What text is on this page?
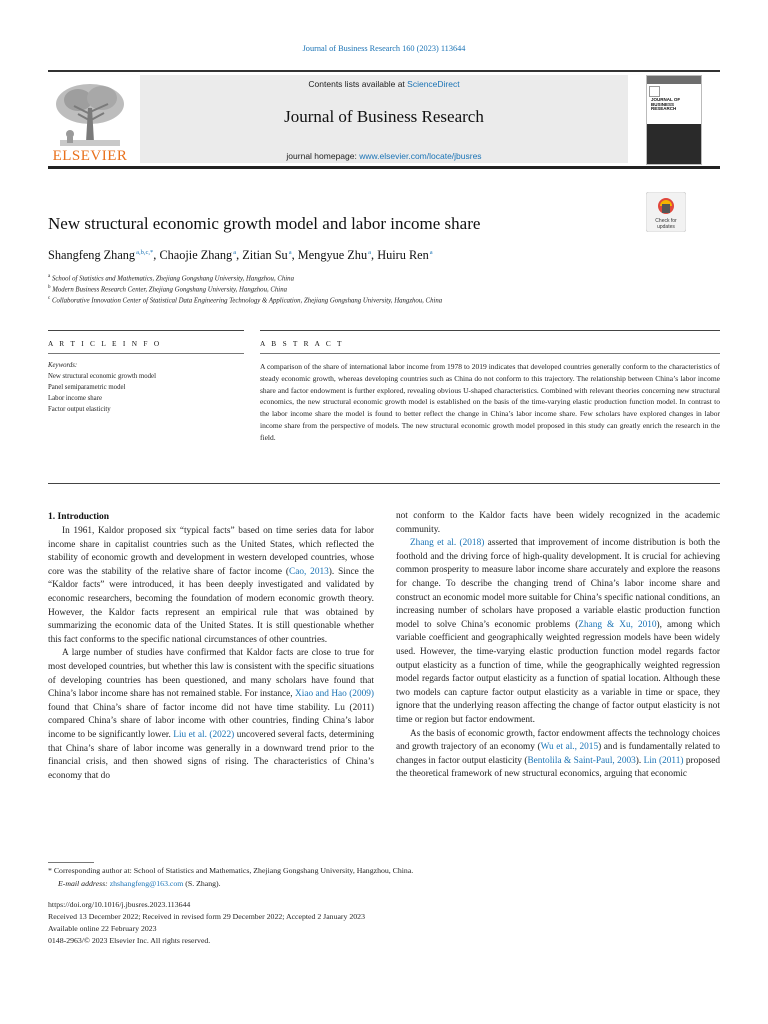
Journal of Business Research 160 (2023) 113644
ELSEVIER
Contents lists available at ScienceDirect
Journal of Business Research
journal homepage: www.elsevier.com/locate/jbusres
JOURNAL OF BUSINESS RESEARCH
New structural economic growth model and labor income share	Check for
updates
Shangfeng Zhang $^{a,b,c,*}$, Chaojie Zhang $^a$, Zitian Su $^a$, Mengyue Zhu $^a$, Huiru Ren $^a$
$^a$ School of Statistics and Mathematics, Zhejiang Gongshang University, Hangzhou, China
$^b$ Modern Business Research Center, Zhejiang Gongshang University, Hangzhou, China
$^c$ Collaborative Innovation Center of Statistical Data Engineering Technology & Application, Zhejiang Gongshang University, Hangzhou, China
A R T I C L E I N F O	A B S T R A C T
Keywords:
New structural economic growth model
Panel semiparametric model
Labor income share
Factor output elasticity
A comparison of the share of international labor income from 1978 to 2019 indicates that developed countries generally conform to the characteristics of steady economic growth, whereas developing countries such as China do not conform to this trajectory. The relationship between China’s labor income share and factor endowment is further explored, revealing obvious U-shaped characteristics. Combined with relevant theories concerning new structural economics, the new structural economic growth model is established on the basis of the time-varying elastic production function model. In contrast to the labor income share the model is found to better reflect the change in China’s labor income share. Few scholars have explored changes in labor income share from the perspective of models. The new structural economic growth model proposed in this study can greatly enrich the research in the field.
1. Introduction

In 1961, Kaldor proposed six “typical facts” based on time series data for labor income share in capitalist countries such as the United States, which reflected the stability of economic growth and development in western developed countries, whose core was the stability of the relative share of factor income (Cao, 2013). Since the “Kaldor facts” were introduced, it has been deeply investigated and validated by economic researchers, becoming the foundation of modern economic growth theory. However, the Kaldor facts represent an empirical rule that was obtained by summarizing the economic data of the United States. It is still questionable whether this fact conforms to the specific national circumstances of other countries.

A large number of studies have confirmed that Kaldor facts are close to true for most developed countries, but whether this law is consistent with the specific situations of developing countries has been questioned, and many scholars have found that China’s labor income share has not remained stable. For instance, Xiao and Hao (2009) found that China’s share of factor income did not have time stability. Lu (2011) compared China’s share of labor income with other countries, finding China’s labor income to be significantly lower. Liu et al. (2022) uncovered several facts, determining that China’s share of labor income was generally in a downward trend prior to the financial crisis, and then showed signs of rising. The characteristics of China’s economy that do

not conform to the Kaldor facts have been widely recognized in the academic community.

Zhang et al. (2018) asserted that improvement of income distribution is both the foothold and the driving force of high-quality development. It is crucial for achieving common prosperity to measure labor income share accurately and explore the reasons for change. To describe the changing trend of China’s labor income share and construct an economic model more suitable for China’s specific national conditions, an increasing number of scholars have proposed a variable elastic production function model to solve China’s economic problems (Zhang & Xu, 2010), among which variable coefficient and geographically weighted regression models have been widely used. However, the time-varying elastic production function model regards factor output elasticity as a function of time, while the geographically weighted regression model regards factor output elasticity as a function of spatial location. Although these two models can capture factor output elasticity as a variable in time or space, they ignore that the underlying reason affecting the change of factor output elasticity is not time or region but factor endowment.

As the basis of economic growth, factor endowment affects the technology choices and growth trajectory of an economy (Wu et al., 2015) and is fundamentally related to changes in factor output elasticity (Bentolila & Saint-Paul, 2003). Lin (2011) proposed the theoretical framework of new structural economics, arguing that economic

* Corresponding author at: School of Statistics and Mathematics, Zhejiang Gongshang University, Hangzhou, China.
E-mail address: zhshangfeng@163.com (S. Zhang).
https://doi.org/10.1016/j.jbusres.2023.113644
Received 13 December 2022; Received in revised form 29 December 2022; Accepted 2 January 2023
Available online 22 February 2023
0148-2963/© 2023 Elsevier Inc. All rights reserved.
